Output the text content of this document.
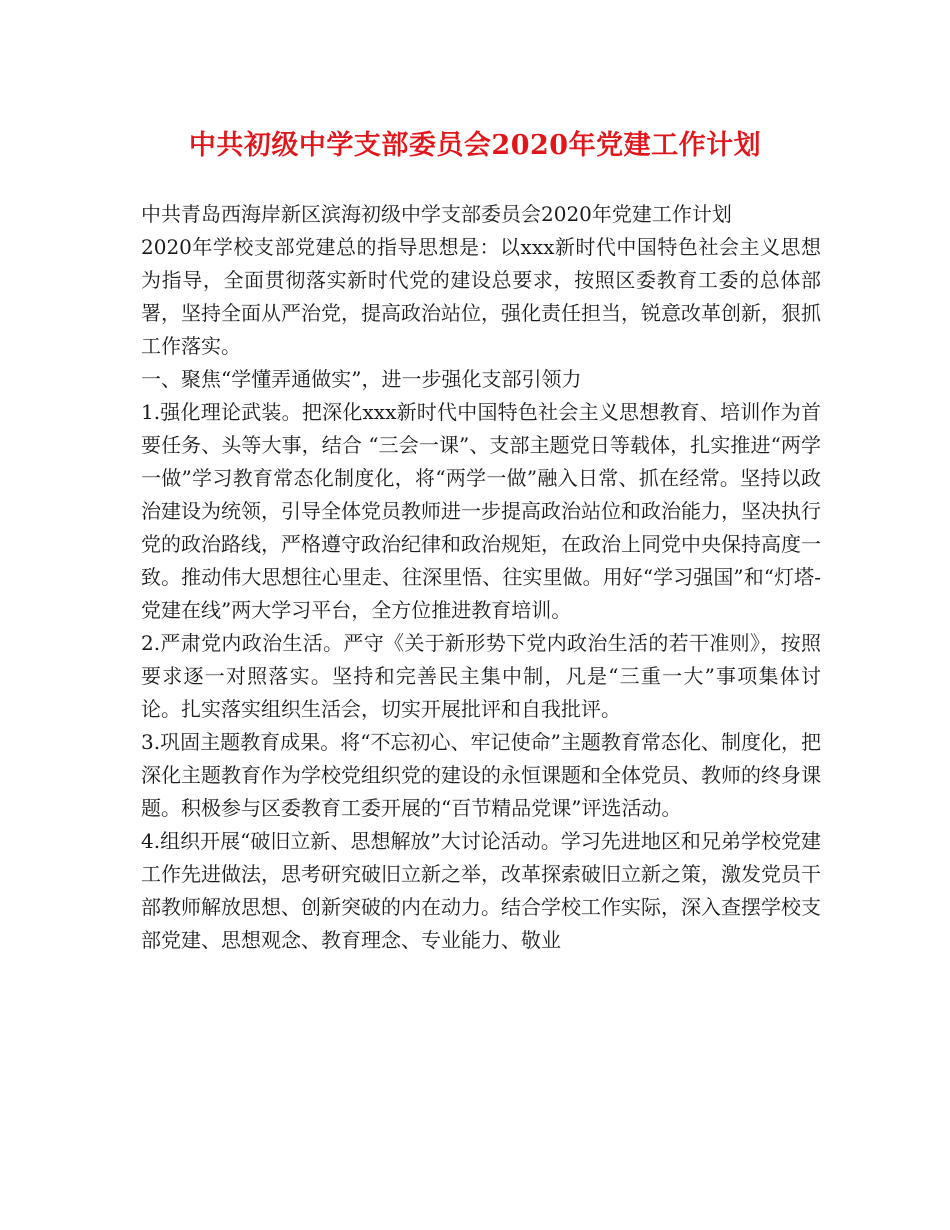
中共初级中学支部委员会2020年党建工作计划

中共青岛西海岸新区滨海初级中学支部委员会2020年党建工作计划

2020年学校支部党建总的指导思想是：以xxx新时代中国特色社会主义思想为指导，全面贯彻落实新时代党的建设总要求，按照区委教育工委的总体部署，坚持全面从严治党，提高政治站位，强化责任担当，锐意改革创新，狠抓工作落实。

一、聚焦“学懂弄通做实”，进一步强化支部引领力

1.强化理论武装。把深化xxx新时代中国特色社会主义思想教育、培训作为首要任务、头等大事，结合 “三会一课”、支部主题党日等载体，扎实推进“两学一做”学习教育常态化制度化，将“两学一做”融入日常、抓在经常。坚持以政治建设为统领，引导全体党员教师进一步提高政治站位和政治能力，坚决执行党的政治路线，严格遵守政治纪律和政治规矩，在政治上同党中央保持高度一致。推动伟大思想往心里走、往深里悟、往实里做。用好“学习强国”和“灯塔-党建在线”两大学习平台，全方位推进教育培训。

2.严肃党内政治生活。严守《关于新形势下党内政治生活的若干准则》，按照要求逐一对照落实。坚持和完善民主集中制，凡是“三重一大”事项集体讨论。扎实落实组织生活会，切实开展批评和自我批评。

3.巩固主题教育成果。将“不忘初心、牢记使命”主题教育常态化、制度化，把深化主题教育作为学校党组织党的建设的永恒课题和全体党员、教师的终身课题。积极参与区委教育工委开展的“百节精品党课”评选活动。

4.组织开展“破旧立新、思想解放”大讨论活动。学习先进地区和兄弟学校党建工作先进做法，思考研究破旧立新之举，改革探索破旧立新之策，激发党员干部教师解放思想、创新突破的内在动力。结合学校工作实际，深入查摆学校支部党建、思想观念、教育理念、专业能力、敬业
